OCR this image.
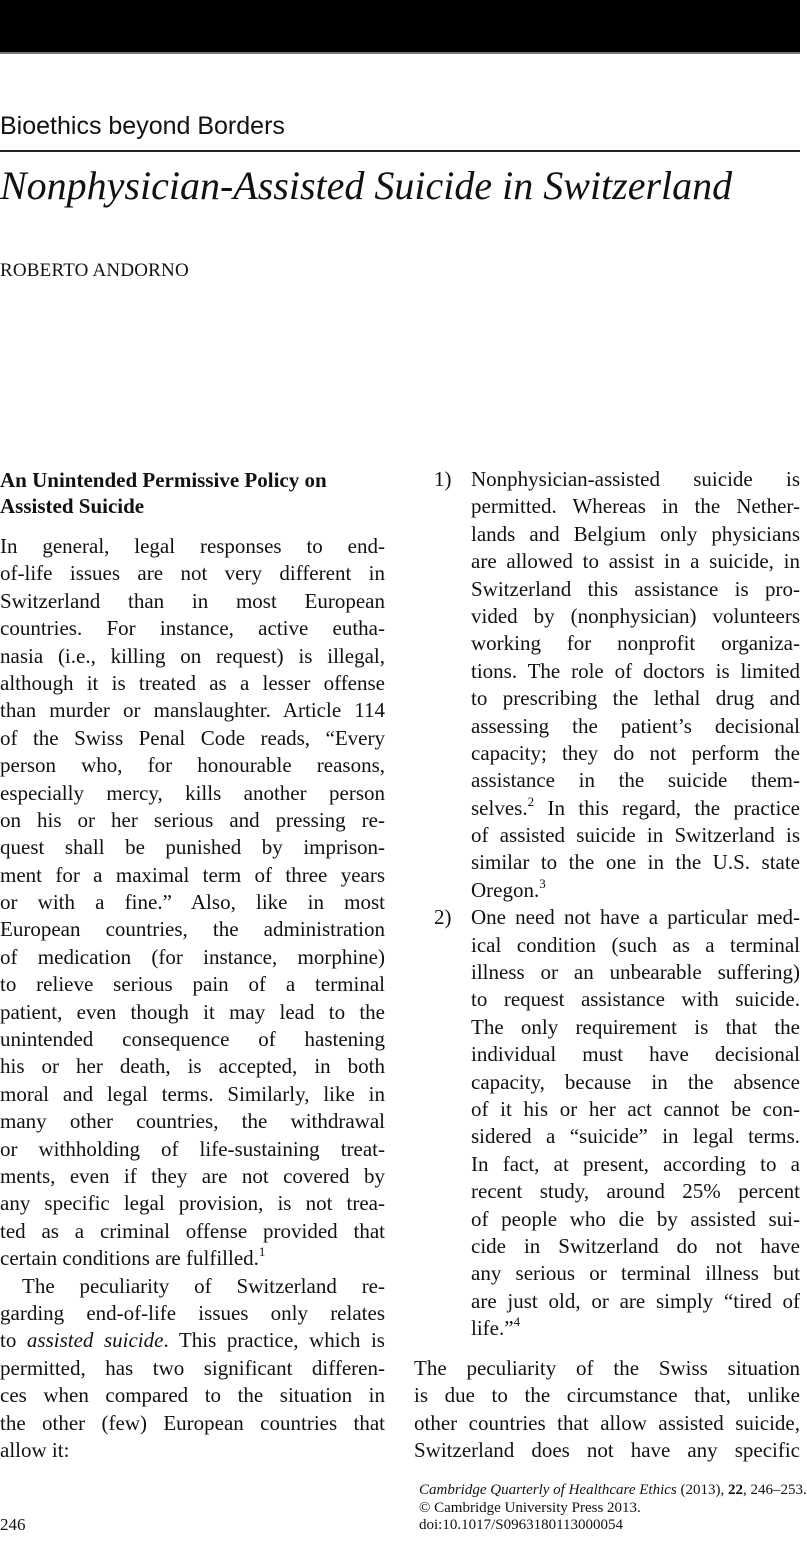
Bioethics beyond Borders
Nonphysician-Assisted Suicide in Switzerland
ROBERTO ANDORNO
An Unintended Permissive Policy on
Assisted Suicide
In general, legal responses to end-
of-life issues are not very different in
Switzerland than in most European
countries. For instance, active eutha-
nasia (i.e., killing on request) is illegal,
although it is treated as a lesser offense
than murder or manslaughter. Article 114
of the Swiss Penal Code reads, “Every
person who, for honourable reasons,
especially mercy, kills another person
on his or her serious and pressing re-
quest shall be punished by imprison-
ment for a maximal term of three years
or with a fine.” Also, like in most
European countries, the administration
of medication (for instance, morphine)
to relieve serious pain of a terminal
patient, even though it may lead to the
unintended consequence of hastening
his or her death, is accepted, in both
moral and legal terms. Similarly, like in
many other countries, the withdrawal
or withholding of life-sustaining treat-
ments, even if they are not covered by
any specific legal provision, is not trea-
ted as a criminal offense provided that
certain conditions are fulfilled.$^1$
The peculiarity of Switzerland re-
garding end-of-life issues only relates
to assisted suicide. This practice, which is
permitted, has two significant differen-
ces when compared to the situation in
the other (few) European countries that
allow it:
1) Nonphysician-assisted suicide is
permitted. Whereas in the Nether-
lands and Belgium only physicians
are allowed to assist in a suicide, in
Switzerland this assistance is pro-
vided by (nonphysician) volunteers
working for nonprofit organiza-
tions. The role of doctors is limited
to prescribing the lethal drug and
assessing the patient’s decisional
capacity; they do not perform the
assistance in the suicide them-
selves.$^2$ In this regard, the practice
of assisted suicide in Switzerland is
similar to the one in the U.S. state
Oregon.$^3$
2) One need not have a particular med-
ical condition (such as a terminal
illness or an unbearable suffering)
to request assistance with suicide.
The only requirement is that the
individual must have decisional
capacity, because in the absence
of it his or her act cannot be con-
sidered a “suicide” in legal terms.
In fact, at present, according to a
recent study, around 25% percent
of people who die by assisted sui-
cide in Switzerland do not have
any serious or terminal illness but
are just old, or are simply “tired of
life.”$^4$
The peculiarity of the Swiss situation
is due to the circumstance that, unlike
other countries that allow assisted suicide,
Switzerland does not have any specific
Cambridge Quarterly of Healthcare Ethics (2013), 22, 246–253.
© Cambridge University Press 2013.
doi:10.1017/S0963180113000054
246
